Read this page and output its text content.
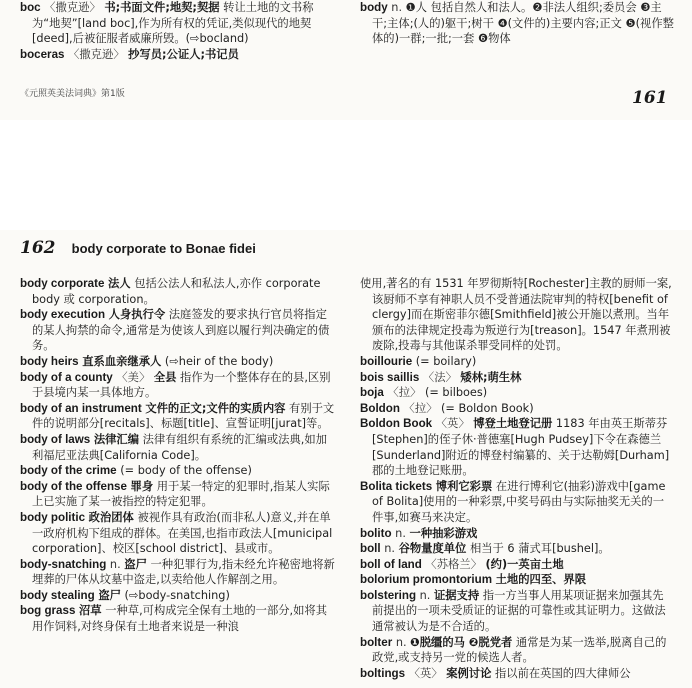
boc 〈撒克逊〉 书;书面文件;地契;契据 转让土地的文书称为“地契”[land boc],作为所有权的凭证,类似现代的地契[deed],后被征服者威廉所毁。(⇨bocland)

boceras 〈撒克逊〉 抄写员;公证人;书记员

body n. ❶人 包括自然人和法人。❷非法人组织;委员会 ❸主干;主体;(人的)躯干;树干 ❹(文件的)主要内容;正文 ❺(视作整体的)一群;一批;一套 ❻物体

《元照英美法词典》第1版	161
162 body corporate to Bonae fidei

body corporate 法人 包括公法人和私法人,亦作 corporate body 或 corporation。

body execution 人身执行令 法庭签发的要求执行官员将指定的某人拘禁的命令,通常是为使该人到庭以履行判决确定的债务。

body heirs 直系血亲继承人 (⇨heir of the body)

body of a county 〈美〉 全县 指作为一个整体存在的县,区别于县境内某一具体地方。

body of an instrument 文件的正文;文件的实质内容 有别于文件的说明部分[recitals]、标题[title]、宣誓证明[jurat]等。

body of laws 法律汇编 法律有组织有系统的汇编或法典,如加利福尼亚法典[California Code]。

body of the crime (= body of the offense)

body of the offense 罪身 用于某一特定的犯罪时,指某人实际上已实施了某一被指控的特定犯罪。

body politic 政治团体 被视作具有政治(而非私人)意义,并在单一政府机构下组成的群体。在美国,也指市政法人[municipal corporation]、校区[school district]、县或市。

body-snatching n. 盗尸 一种犯罪行为,指未经允许秘密地将新埋葬的尸体从坟墓中盗走,以卖给他人作解剖之用。

body stealing 盗尸 (⇨body-snatching)

bog grass 沼草 一种草,可构成完全保有土地的一部分,如将其用作饲料,对终身保有土地者来说是一种浪

使用,著名的有 1531 年罗彻斯特[Rochester]主教的厨师一案,该厨师不享有神职人员不受普通法院审判的特权[benefit of clergy]而在斯密菲尔德[Smithfield]被公开施以煮刑。当年颁布的法律规定投毒为叛逆行为[treason]。1547 年煮刑被废除,投毒与其他谋杀罪受同样的处罚。

boillourie (= boilary)

bois saillis 〈法〉 矮林;萌生林

boja 〈拉〉 (= bilboes)

Boldon 〈拉〉 (= Boldon Book)

Boldon Book 〈英〉 博登土地登记册 1183 年由英王斯蒂芬[Stephen]的侄子休·普德塞[Hugh Pudsey]下令在森德兰[Sunderland]附近的博登村编纂的、关于达勒姆[Durham]郡的土地登记账册。

Bolita tickets 博利它彩票 在进行博利它(抽彩)游戏中[game of Bolita]使用的一种彩票,中奖号码由与实际抽奖无关的一件事,如赛马来决定。

bolito n. 一种抽彩游戏

boll n. 谷物量度单位 相当于 6 蒲式耳[bushel]。

boll of land 〈苏格兰〉 (约)一英亩土地

bolorium promontorium 土地的四至、界限

bolstering n. 证据支持 指一方当事人用某项证据来加强其先前提出的一项未受质证的证据的可靠性或其证明力。这做法通常被认为是不合适的。

bolter n. ❶脱缰的马 ❷脱党者 通常是为某一选举,脱离自己的政党,或支持另一党的候选人者。

boltings 〈英〉 案例讨论 指以前在英国的四大律师公
